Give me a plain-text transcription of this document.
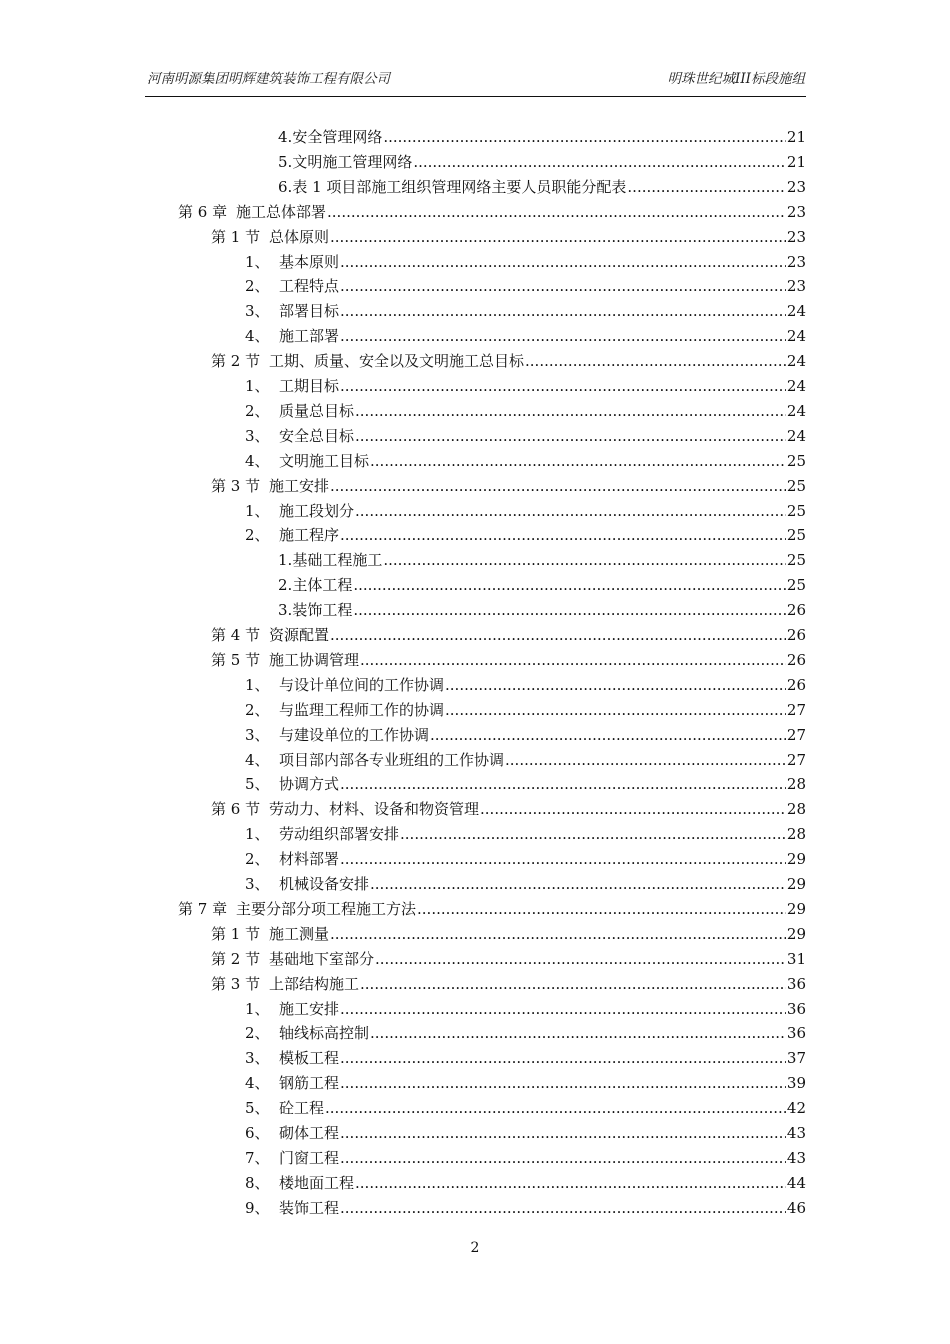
河南明源集团明辉建筑装饰工程有限公司	明珠世纪城III标段施组
4. 安全管理网络 .....	21
5. 文明施工管理网络 .....	21
6. 表 1 项目部施工组织管理网络主要人员职能分配表 .....	23
第 6 章 施工总体部署 .....	23
第 1 节 总体原则 .....	23
1、 基本原则 .....	23
2、 工程特点 .....	23
3、 部署目标 .....	24
4、 施工部署 .....	24
第 2 节 工期、质量、安全以及文明施工总目标 .....	24
1、 工期目标 .....	24
2、 质量总目标 .....	24
3、 安全总目标 .....	24
4、 文明施工目标 .....	25
第 3 节 施工安排 .....	25
1、 施工段划分 .....	25
2、 施工程序 .....	25
1. 基础工程施工 .....	25
2. 主体工程 .....	25
3. 装饰工程 .....	26
第 4 节 资源配置 .....	26
第 5 节 施工协调管理 .....	26
1、 与设计单位间的工作协调 .....	26
2、 与监理工程师工作的协调 .....	27
3、 与建设单位的工作协调 .....	27
4、 项目部内部各专业班组的工作协调 .....	27
5、 协调方式 .....	28
第 6 节 劳动力、材料、设备和物资管理 .....	28
1、 劳动组织部署安排 .....	28
2、 材料部署 .....	29
3、 机械设备安排 .....	29
第 7 章 主要分部分项工程施工方法 .....	29
第 1 节 施工测量 .....	29
第 2 节 基础地下室部分 .....	31
第 3 节 上部结构施工 .....	36
1、 施工安排 .....	36
2、 轴线标高控制 .....	36
3、 模板工程 .....	37
4、 钢筋工程 .....	39
5、 砼工程 .....	42
6、 砌体工程 .....	43
7、 门窗工程 .....	43
8、 楼地面工程 .....	44
9、 装饰工程 .....	46
2
